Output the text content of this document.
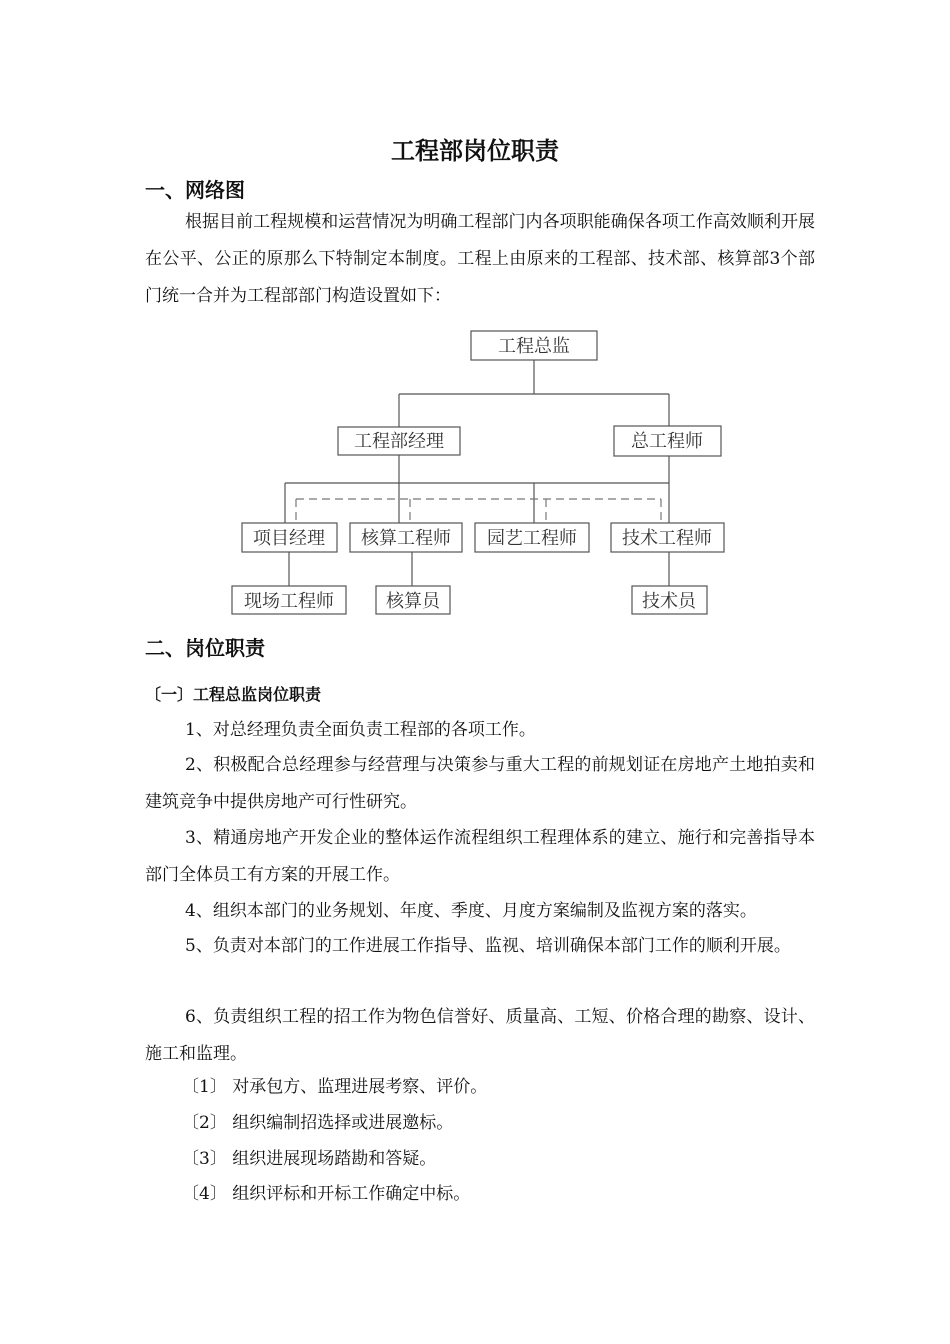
工程部岗位职责
一、网络图
根据目前工程规模和运营情况为明确工程部门内各项职能确保各项工作高效顺利开展在公平、公正的原那么下特制定本制度。工程上由原来的工程部、技术部、核算部3个部门统一合并为工程部部门构造设置如下：
工程总监
工程部经理	总工程师
项目经理 核算工程师 园艺工程师	技术工程师
现场工程师	核算员	技术员
二、岗位职责
〔一〕工程总监岗位职责
1、对总经理负责全面负责工程部的各项工作。
2、积极配合总经理参与经营理与决策参与重大工程的前规划证在房地产土地拍卖和建筑竞争中提供房地产可行性研究。
3、精通房地产开发企业的整体运作流程组织工程理体系的建立、施行和完善指导本部门全体员工有方案的开展工作。
4、组织本部门的业务规划、年度、季度、月度方案编制及监视方案的落实。
5、负责对本部门的工作进展工作指导、监视、培训确保本部门工作的顺利开展。
6、负责组织工程的招工作为物色信誉好、质量高、工短、价格合理的勘察、设计、施工和监理。
〔1〕 对承包方、监理进展考察、评价。
〔2〕 组织编制招选择或进展邀标。
〔3〕 组织进展现场踏勘和答疑。
〔4〕 组织评标和开标工作确定中标。
